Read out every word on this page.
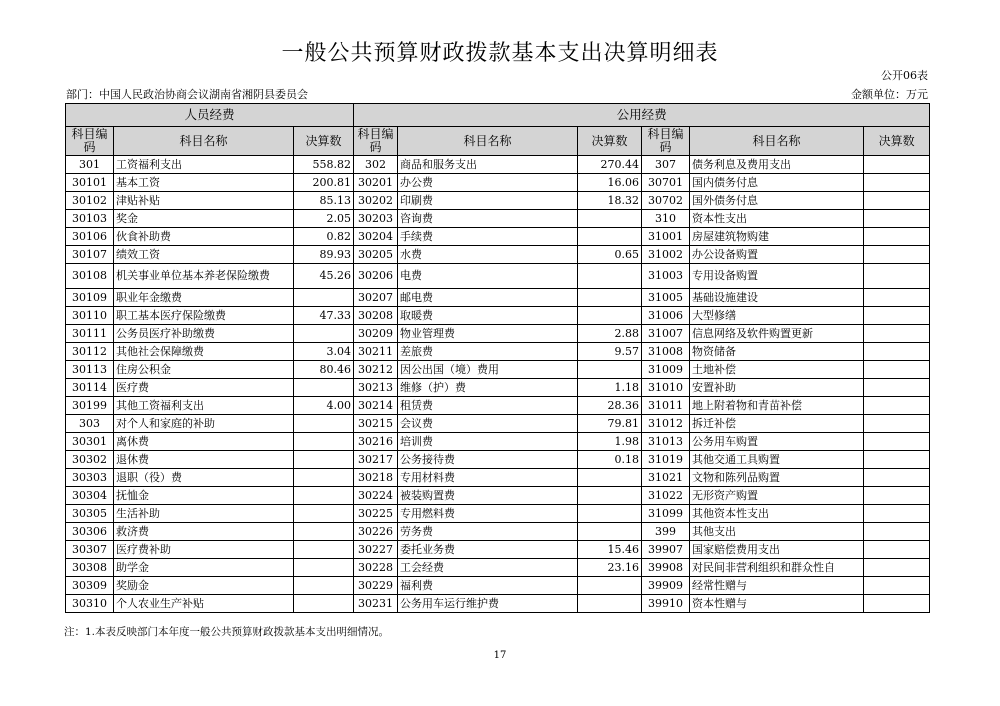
一般公共预算财政拨款基本支出决算明细表
公开06表
部门：中国人民政治协商会议湖南省湘阴县委员会	金额单位：万元
人员经费			公用经费					
科目编码	科目名称	决算数	科目编码	科目名称	决算数	科目编码	科目名称	决算数
301	工资福利支出	558.82	302	商品和服务支出	270.44	307	债务利息及费用支出	
30101	基本工资	200.81	30201	办公费	16.06	30701	国内债务付息	
30102	津贴补贴	85.13	30202	印刷费	18.32	30702	国外债务付息	
30103	奖金	2.05	30203	咨询费		310	资本性支出	
30106	伙食补助费	0.82	30204	手续费		31001	房屋建筑物购建	
30107	绩效工资	89.93	30205	水费	0.65	31002	办公设备购置	
30108	机关事业单位基本养老保险缴费	45.26	30206	电费		31003	专用设备购置	
30109	职业年金缴费		30207	邮电费		31005	基础设施建设	
30110	职工基本医疗保险缴费	47.33	30208	取暖费		31006	大型修缮	
30111	公务员医疗补助缴费		30209	物业管理费	2.88	31007	信息网络及软件购置更新	
30112	其他社会保障缴费	3.04	30211	差旅费	9.57	31008	物资储备	
30113	住房公积金	80.46	30212	因公出国（境）费用		31009	土地补偿	
30114	医疗费		30213	维修（护）费	1.18	31010	安置补助	
30199	其他工资福利支出	4.00	30214	租赁费	28.36	31011	地上附着物和青苗补偿	
303	对个人和家庭的补助		30215	会议费	79.81	31012	拆迁补偿	
30301	离休费		30216	培训费	1.98	31013	公务用车购置	
30302	退休费		30217	公务接待费	0.18	31019	其他交通工具购置	
30303	退职（役）费		30218	专用材料费		31021	文物和陈列品购置	
30304	抚恤金		30224	被装购置费		31022	无形资产购置	
30305	生活补助		30225	专用燃料费		31099	其他资本性支出	
30306	救济费		30226	劳务费		399	其他支出	
30307	医疗费补助		30227	委托业务费	15.46	39907	国家赔偿费用支出	
30308	助学金		30228	工会经费	23.16	39908	对民间非营利组织和群众性自	
30309	奖励金		30229	福利费		39909	经常性赠与	
30310	个人农业生产补贴		30231	公务用车运行维护费		39910	资本性赠与	
注：1.本表反映部门本年度一般公共预算财政拨款基本支出明细情况。
17
